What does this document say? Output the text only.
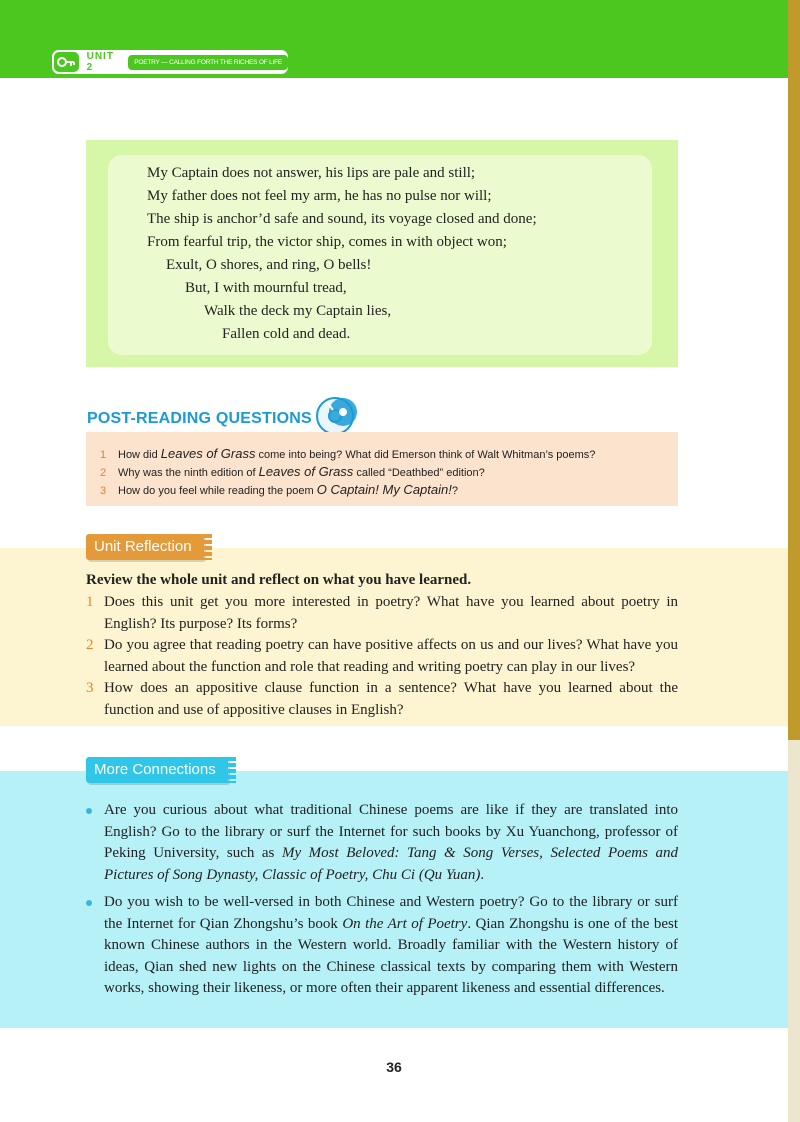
UNIT 2	POETRY — CALLING FORTH THE RICHES OF LIFE
My Captain does not answer, his lips are pale and still;
My father does not feel my arm, he has no pulse nor will;
The ship is anchor’d safe and sound, its voyage closed and done;
From fearful trip, the victor ship, comes in with object won;
Exult, O shores, and ring, O bells!
But, I with mournful tread,
Walk the deck my Captain lies,
Fallen cold and dead.
POST-READING QUESTIONS
1 How did Leaves of Grass come into being? What did Emerson think of Walt Whitman’s poems?
2 Why was the ninth edition of Leaves of Grass called “Deathbed” edition?
3 How do you feel while reading the poem O Captain! My Captain!?
Unit Reflection
Review the whole unit and reflect on what you have learned.
1 Does this unit get you more interested in poetry? What have you learned about poetry in English? Its purpose? Its forms?
2 Do you agree that reading poetry can have positive affects on us and our lives? What have you learned about the function and role that reading and writing poetry can play in our lives?
3 How does an appositive clause function in a sentence? What have you learned about the function and use of appositive clauses in English?
More Connections
Are you curious about what traditional Chinese poems are like if they are translated into English? Go to the library or surf the Internet for such books by Xu Yuanchong, professor of Peking University, such as My Most Beloved: Tang & Song Verses, Selected Poems and Pictures of Song Dynasty, Classic of Poetry, Chu Ci (Qu Yuan).
Do you wish to be well-versed in both Chinese and Western poetry? Go to the library or surf the Internet for Qian Zhongshu’s book On the Art of Poetry. Qian Zhongshu is one of the best known Chinese authors in the Western world. Broadly familiar with the Western history of ideas, Qian shed new lights on the Chinese classical texts by comparing them with Western works, showing their likeness, or more often their apparent likeness and essential differences.
36
